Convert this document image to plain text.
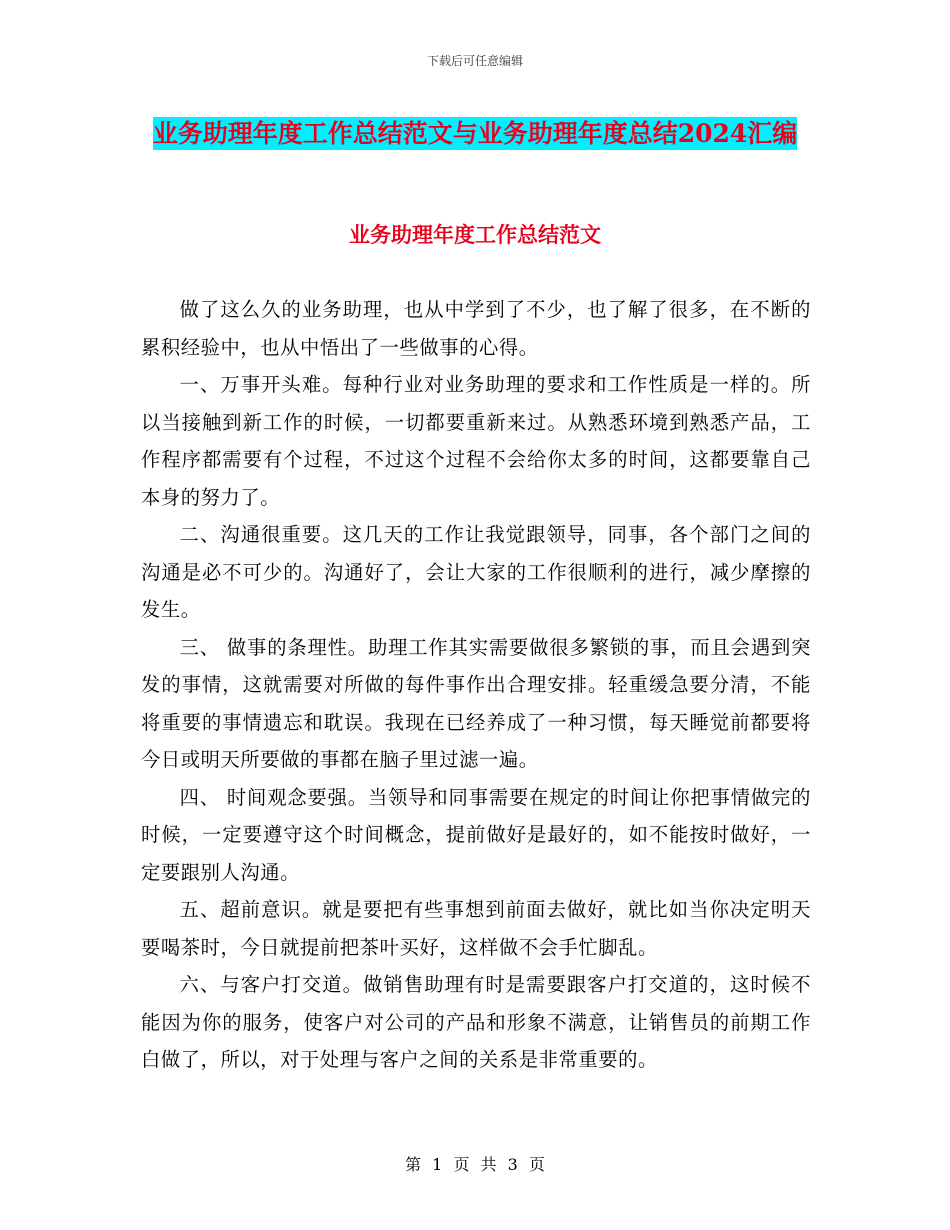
下载后可任意编辑
业务助理年度工作总结范文与业务助理年度总结2024汇编
业务助理年度工作总结范文

做了这么久的业务助理，也从中学到了不少，也了解了很多，在不断的累积经验中，也从中悟出了一些做事的心得。

一、万事开头难。每种行业对业务助理的要求和工作性质是一样的。所以当接触到新工作的时候，一切都要重新来过。从熟悉环境到熟悉产品，工作程序都需要有个过程，不过这个过程不会给你太多的时间，这都要靠自己本身的努力了。

二、沟通很重要。这几天的工作让我觉跟领导，同事，各个部门之间的沟通是必不可少的。沟通好了，会让大家的工作很顺利的进行，减少摩擦的发生。

三、 做事的条理性。助理工作其实需要做很多繁锁的事，而且会遇到突发的事情，这就需要对所做的每件事作出合理安排。轻重缓急要分清，不能将重要的事情遗忘和耽误。我现在已经养成了一种习惯，每天睡觉前都要将今日或明天所要做的事都在脑子里过滤一遍。

四、 时间观念要强。当领导和同事需要在规定的时间让你把事情做完的时候，一定要遵守这个时间概念，提前做好是最好的，如不能按时做好，一定要跟别人沟通。

五、超前意识。就是要把有些事想到前面去做好，就比如当你决定明天要喝茶时，今日就提前把茶叶买好，这样做不会手忙脚乱。

六、与客户打交道。做销售助理有时是需要跟客户打交道的，这时候不能因为你的服务，使客户对公司的产品和形象不满意，让销售员的前期工作白做了，所以，对于处理与客户之间的关系是非常重要的。

第 1 页 共 3 页
